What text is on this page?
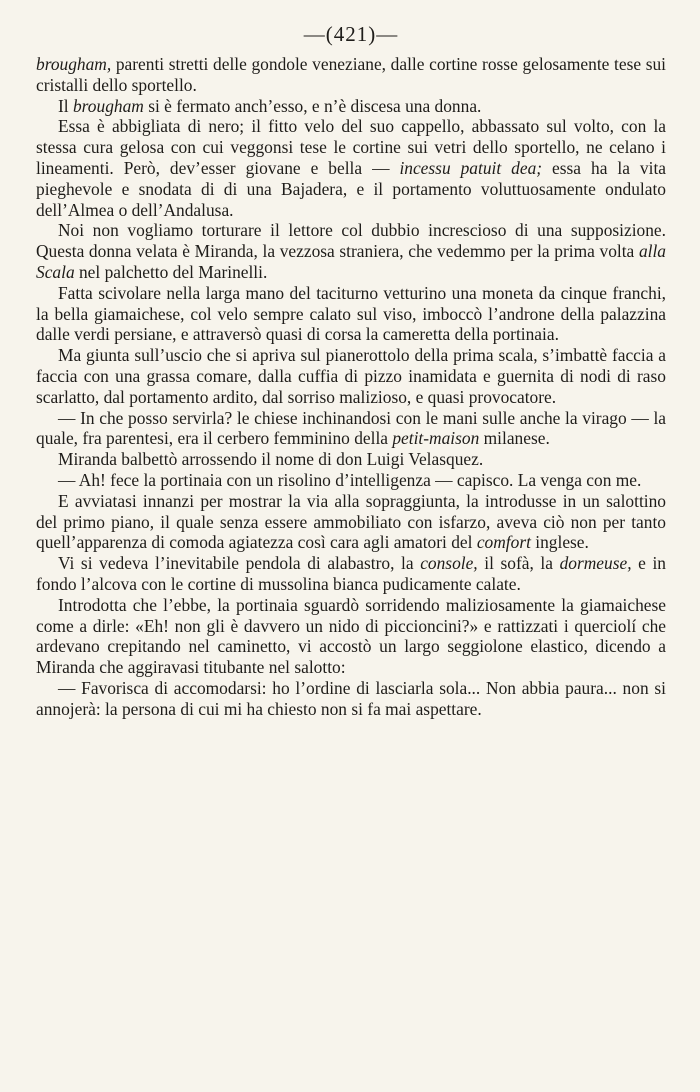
—(421)—

brougham, parenti stretti delle gondole veneziane, dalle cortine rosse gelosamente tese sui cristalli dello sportello.

Il brougham si è fermato anch’esso, e n’è discesa una donna.

Essa è abbigliata di nero; il fitto velo del suo cappello, abbassato sul volto, con la stessa cura gelosa con cui veggonsi tese le cortine sui vetri dello sportello, ne celano i lineamenti. Però, dev’esser giovane e bella — incessu patuit dea; essa ha la vita pieghevole e snodata di di una Bajadera, e il portamento voluttuosamente ondulato dell’Almea o dell’Andalusa.

Noi non vogliamo torturare il lettore col dubbio increscioso di una supposizione. Questa donna velata è Miranda, la vezzosa straniera, che vedemmo per la prima volta alla Scala nel palchetto del Marinelli.

Fatta scivolare nella larga mano del taciturno vetturino una moneta da cinque franchi, la bella giamaichese, col velo sempre calato sul viso, imboccò l’androne della palazzina dalle verdi persiane, e attraversò quasi di corsa la cameretta della portinaia.

Ma giunta sull’uscio che si apriva sul pianerottolo della prima scala, s’imbattè faccia a faccia con una grassa comare, dalla cuffia di pizzo inamidata e guernita di nodi di raso scarlatto, dal portamento ardito, dal sorriso malizioso, e quasi provocatore.

— In che posso servirla? le chiese inchinandosi con le mani sulle anche la virago — la quale, fra parentesi, era il cerbero femminino della petit-maison milanese.

Miranda balbettò arrossendo il nome di don Luigi Velasquez.

— Ah! fece la portinaia con un risolino d’intelligenza — capisco. La venga con me.

E avviatasi innanzi per mostrar la via alla sopraggiunta, la introdusse in un salottino del primo piano, il quale senza essere ammobiliato con isfarzo, aveva ciò non per tanto quell’apparenza di comoda agiatezza così cara agli amatori del comfort inglese.

Vi si vedeva l’inevitabile pendola di alabastro, la console, il sofà, la dormeuse, e in fondo l’alcova con le cortine di mussolina bianca pudicamente calate.

Introdotta che l’ebbe, la portinaia sguardò sorridendo maliziosamente la giamaichese come a dirle: «Eh! non gli è davvero un nido di piccioncini?» e rattizzati i querciolí che ardevano crepitando nel caminetto, vi accostò un largo seggiolone elastico, dicendo a Miranda che aggiravasi titubante nel salotto:

— Favorisca di accomodarsi: ho l’ordine di lasciarla sola... Non abbia paura... non si annojerà: la persona di cui mi ha chiesto non si fa mai aspettare.
